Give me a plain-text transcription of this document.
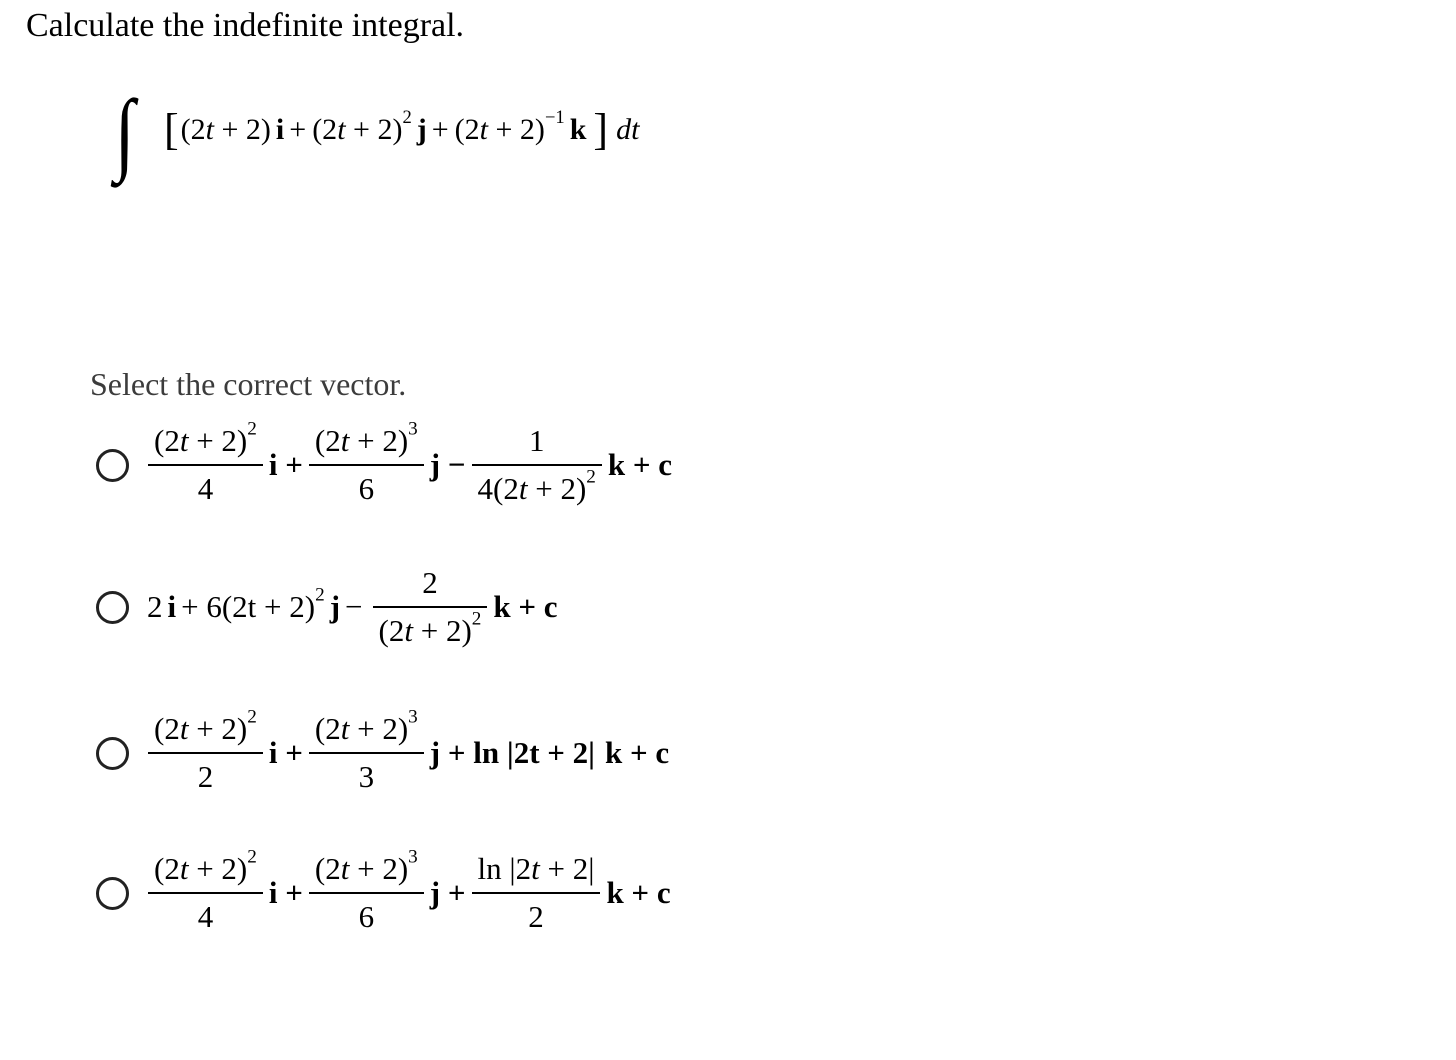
Calculate the indefinite integral.
∫ [ (2t + 2) $i + (2t + 2)^2$ $j + (2t + 2)^{-1}$ k ] dt
Select the correct vector.
$\frac{(2t + 2)^2}{4}$ $i + \frac{(2t + 2)^3}{6}$ $j - \frac{1}{4(2t + 2)^2}$ k + c
2 $i + 6(2t + 2)^2$ $j - \frac{2}{(2t + 2)^2}$ k + c
$\frac{(2t + 2)^2}{2}$ $i + \frac{(2t + 2)^3}{3}$ j + ln |2t + 2| k + c
$\frac{(2t + 2)^2}{4}$ $i + \frac{(2t + 2)^3}{6}$ $j + \frac{\ln |2t + 2|}{2}$ k + c
